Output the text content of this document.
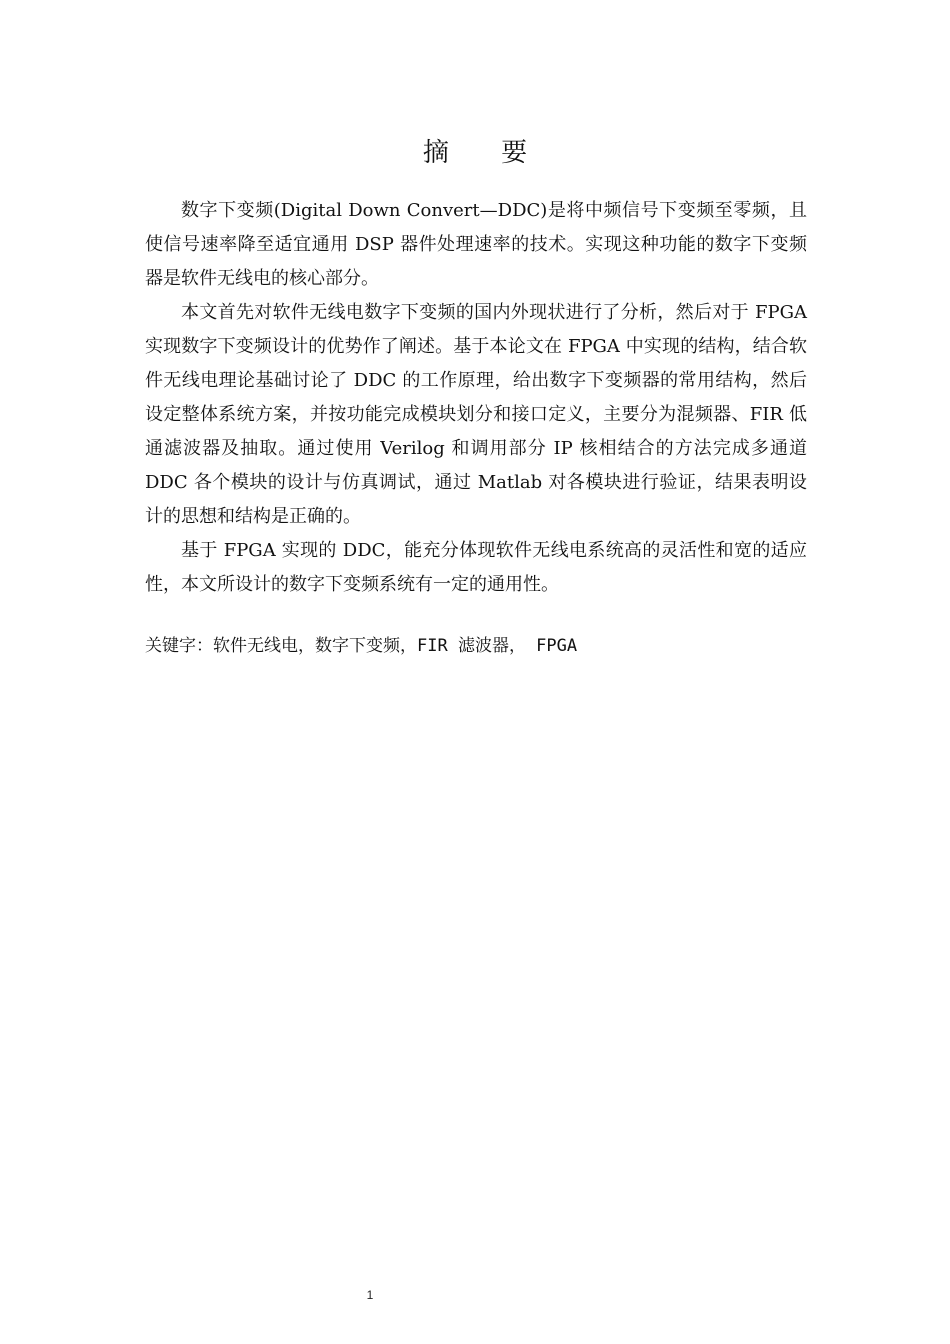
摘 要

数字下变频(Digital Down Convert—DDC)是将中频信号下变频至零频，且使信号速率降至适宜通用 DSP 器件处理速率的技术。实现这种功能的数字下变频器是软件无线电的核心部分。

本文首先对软件无线电数字下变频的国内外现状进行了分析，然后对于 FPGA 实现数字下变频设计的优势作了阐述。基于本论文在 FPGA 中实现的结构，结合软件无线电理论基础讨论了 DDC 的工作原理，给出数字下变频器的常用结构，然后设定整体系统方案，并按功能完成模块划分和接口定义，主要分为混频器、FIR 低通滤波器及抽取。通过使用 Verilog 和调用部分 IP 核相结合的方法完成多通道 DDC 各个模块的设计与仿真调试，通过 Matlab 对各模块进行验证，结果表明设计的思想和结构是正确的。

基于 FPGA 实现的 DDC，能充分体现软件无线电系统高的灵活性和宽的适应性，本文所设计的数字下变频系统有一定的通用性。

关键字：软件无线电，数字下变频，FIR 滤波器， FPGA
1
